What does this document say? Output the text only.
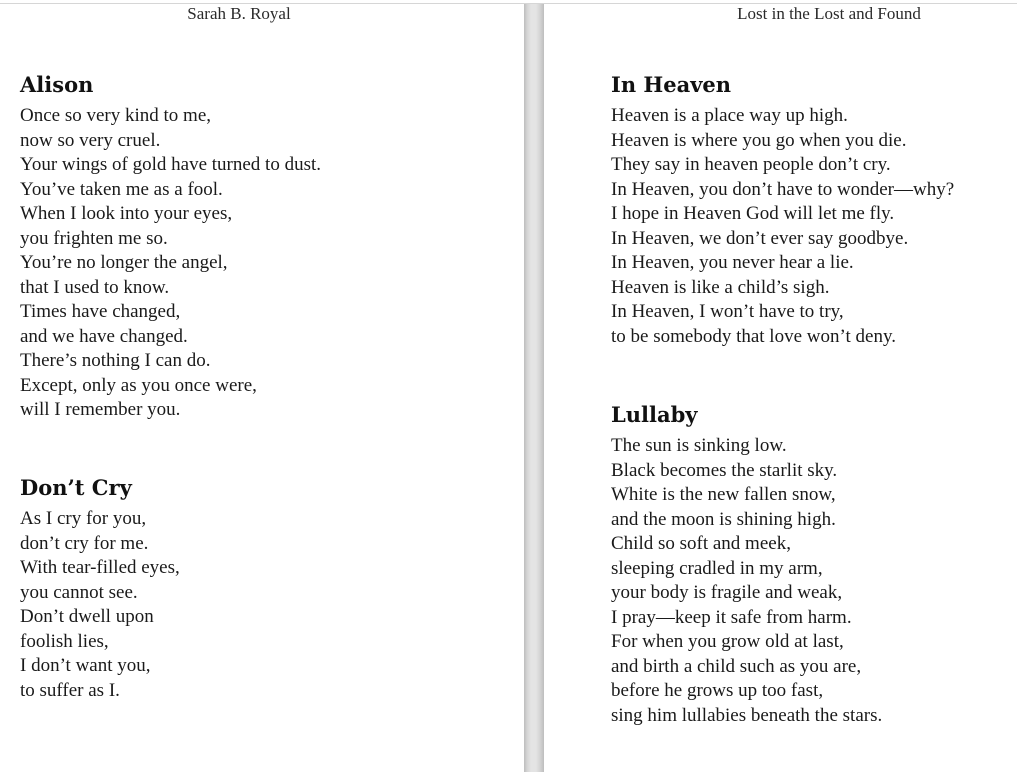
Sarah B. Royal
Alison
Once so very kind to me,
now so very cruel.
Your wings of gold have turned to dust.
You’ve taken me as a fool.
When I look into your eyes,
you frighten me so.
You’re no longer the angel,
that I used to know.
Times have changed,
and we have changed.
There’s nothing I can do.
Except, only as you once were,
will I remember you.
Don’t Cry
As I cry for you,
don’t cry for me.
With tear-filled eyes,
you cannot see.
Don’t dwell upon
foolish lies,
I don’t want you,
to suffer as I.
Lost in the Lost and Found
In Heaven
Heaven is a place way up high.
Heaven is where you go when you die.
They say in heaven people don’t cry.
In Heaven, you don’t have to wonder—why?
I hope in Heaven God will let me fly.
In Heaven, we don’t ever say goodbye.
In Heaven, you never hear a lie.
Heaven is like a child’s sigh.
In Heaven, I won’t have to try,
to be somebody that love won’t deny.
Lullaby
The sun is sinking low.
Black becomes the starlit sky.
White is the new fallen snow,
and the moon is shining high.
Child so soft and meek,
sleeping cradled in my arm,
your body is fragile and weak,
I pray—keep it safe from harm.
For when you grow old at last,
and birth a child such as you are,
before he grows up too fast,
sing him lullabies beneath the stars.
